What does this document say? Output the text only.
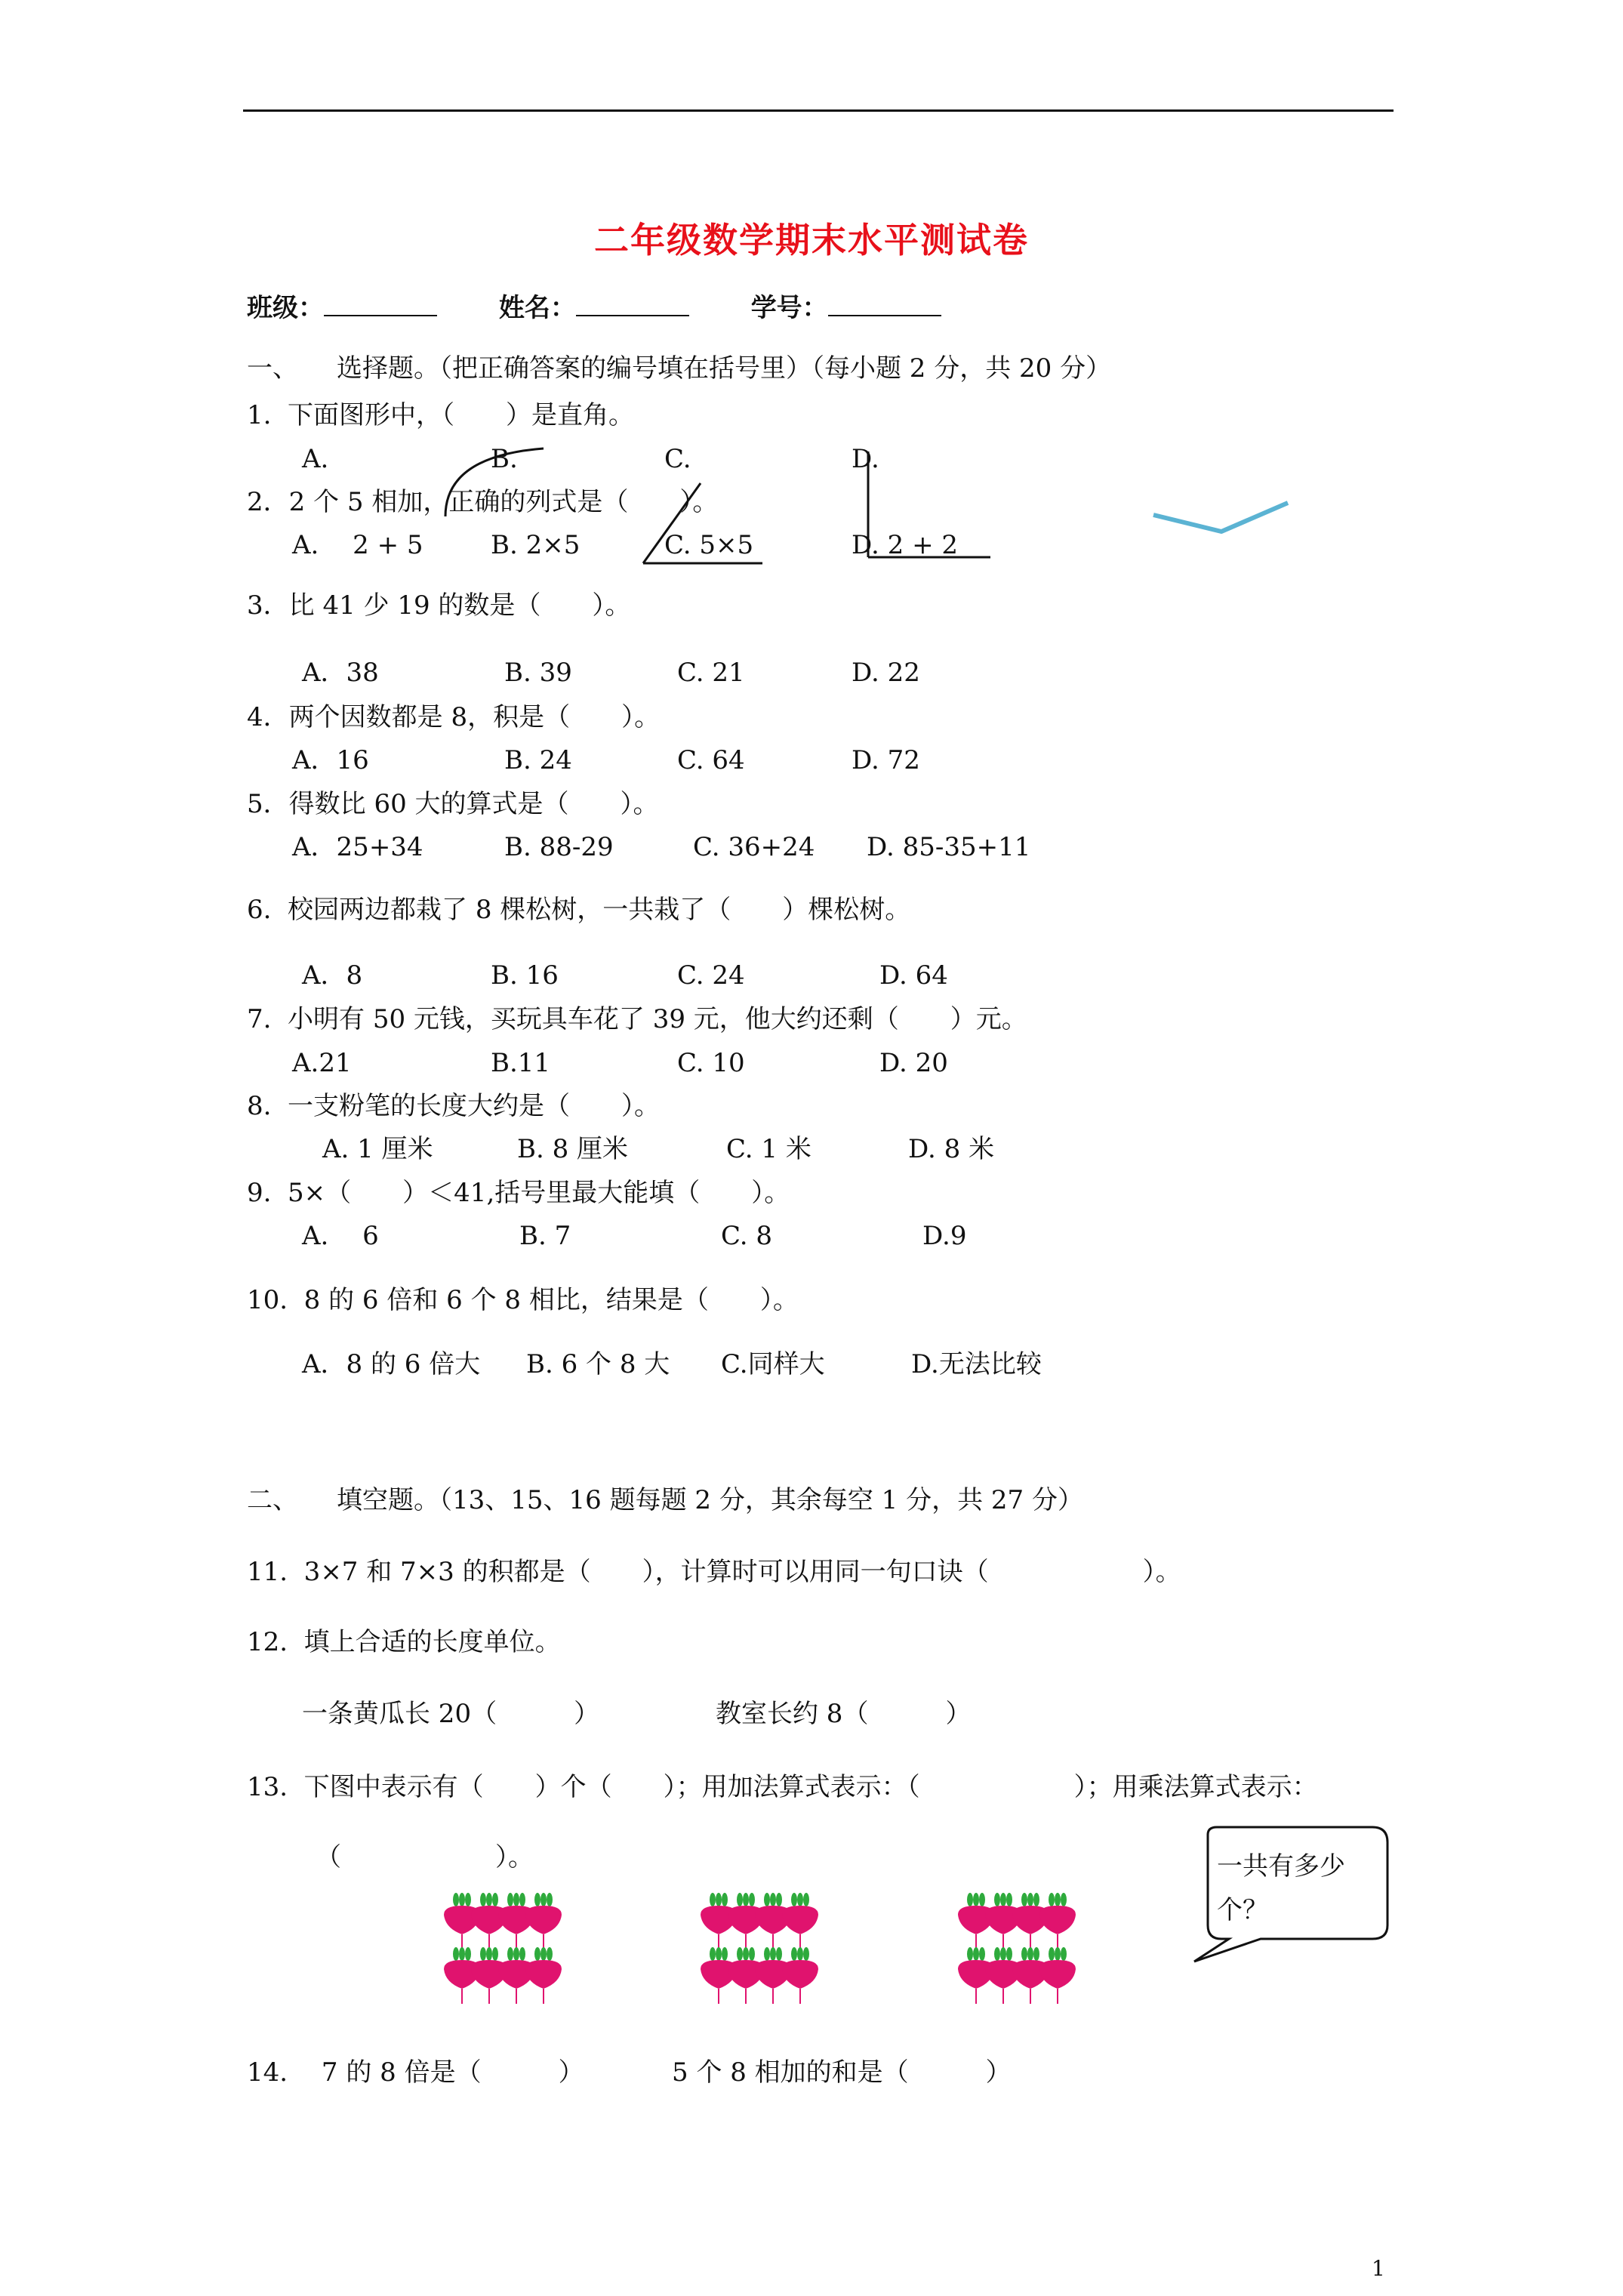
二年级数学期末水平测试卷
班级：	姓名：	学号：
一、　　选择题。（把正确答案的编号填在括号里）（每小题 2 分，共 20 分）
1.  下面图形中，（　　）是直角。
A.	B.	C.	D.
2．2 个 5 相加，正确的列式是（　　）。
A.　 2 + 5	B. 2×5	C. 5×5	D. 2 + 2
3．比 41 少 19 的数是（　　）。
A．38	B. 39	C. 21	D. 22
4．两个因数都是 8，积是（　　）。
A．16	B. 24	C. 64	D. 72
5．得数比 60 大的算式是（　　）。
A．25+34	B. 88-29	C. 36+24 D. 85-35+11
6.  校园两边都栽了 8 棵松树，一共栽了（　　）棵松树。
A．8	B. 16	C. 24	D. 64
7.  小明有 50 元钱，买玩具车花了 39 元，他大约还剩（　　）元。
A.21	B.11	C. 10	D. 20
8.  一支粉笔的长度大约是（　　）。
A. 1 厘米	B. 8 厘米	C. 1 米	D. 8 米
9.  5×（　　）＜41,括号里最大能填（　　）。
A.　 6	B. 7	C. 8	D.9
10.  8 的 6 倍和 6 个 8 相比，结果是（　　）。
A．8 的 6 倍大 B. 6 个 8 大 C.同样大	D.无法比较
二、　　填空题。（13、15、16 题每题 2 分，其余每空 1 分，共 27 分）
11.  3×7 和 7×3 的积都是（　　），计算时可以用同一句口诀（　　　　　　）。
12.  填上合适的长度单位。
一条黄瓜长 20（　　　）	教室长约 8（　　　）
13.  下图中表示有（　　）个（　　）；用加法算式表示：（　　　　　　）；用乘法算式表示：
（　　　　　　）。	一共有多少
个？
14.　 7 的 8 倍是（　　　）	5 个 8 相加的和是（　　　）
1
